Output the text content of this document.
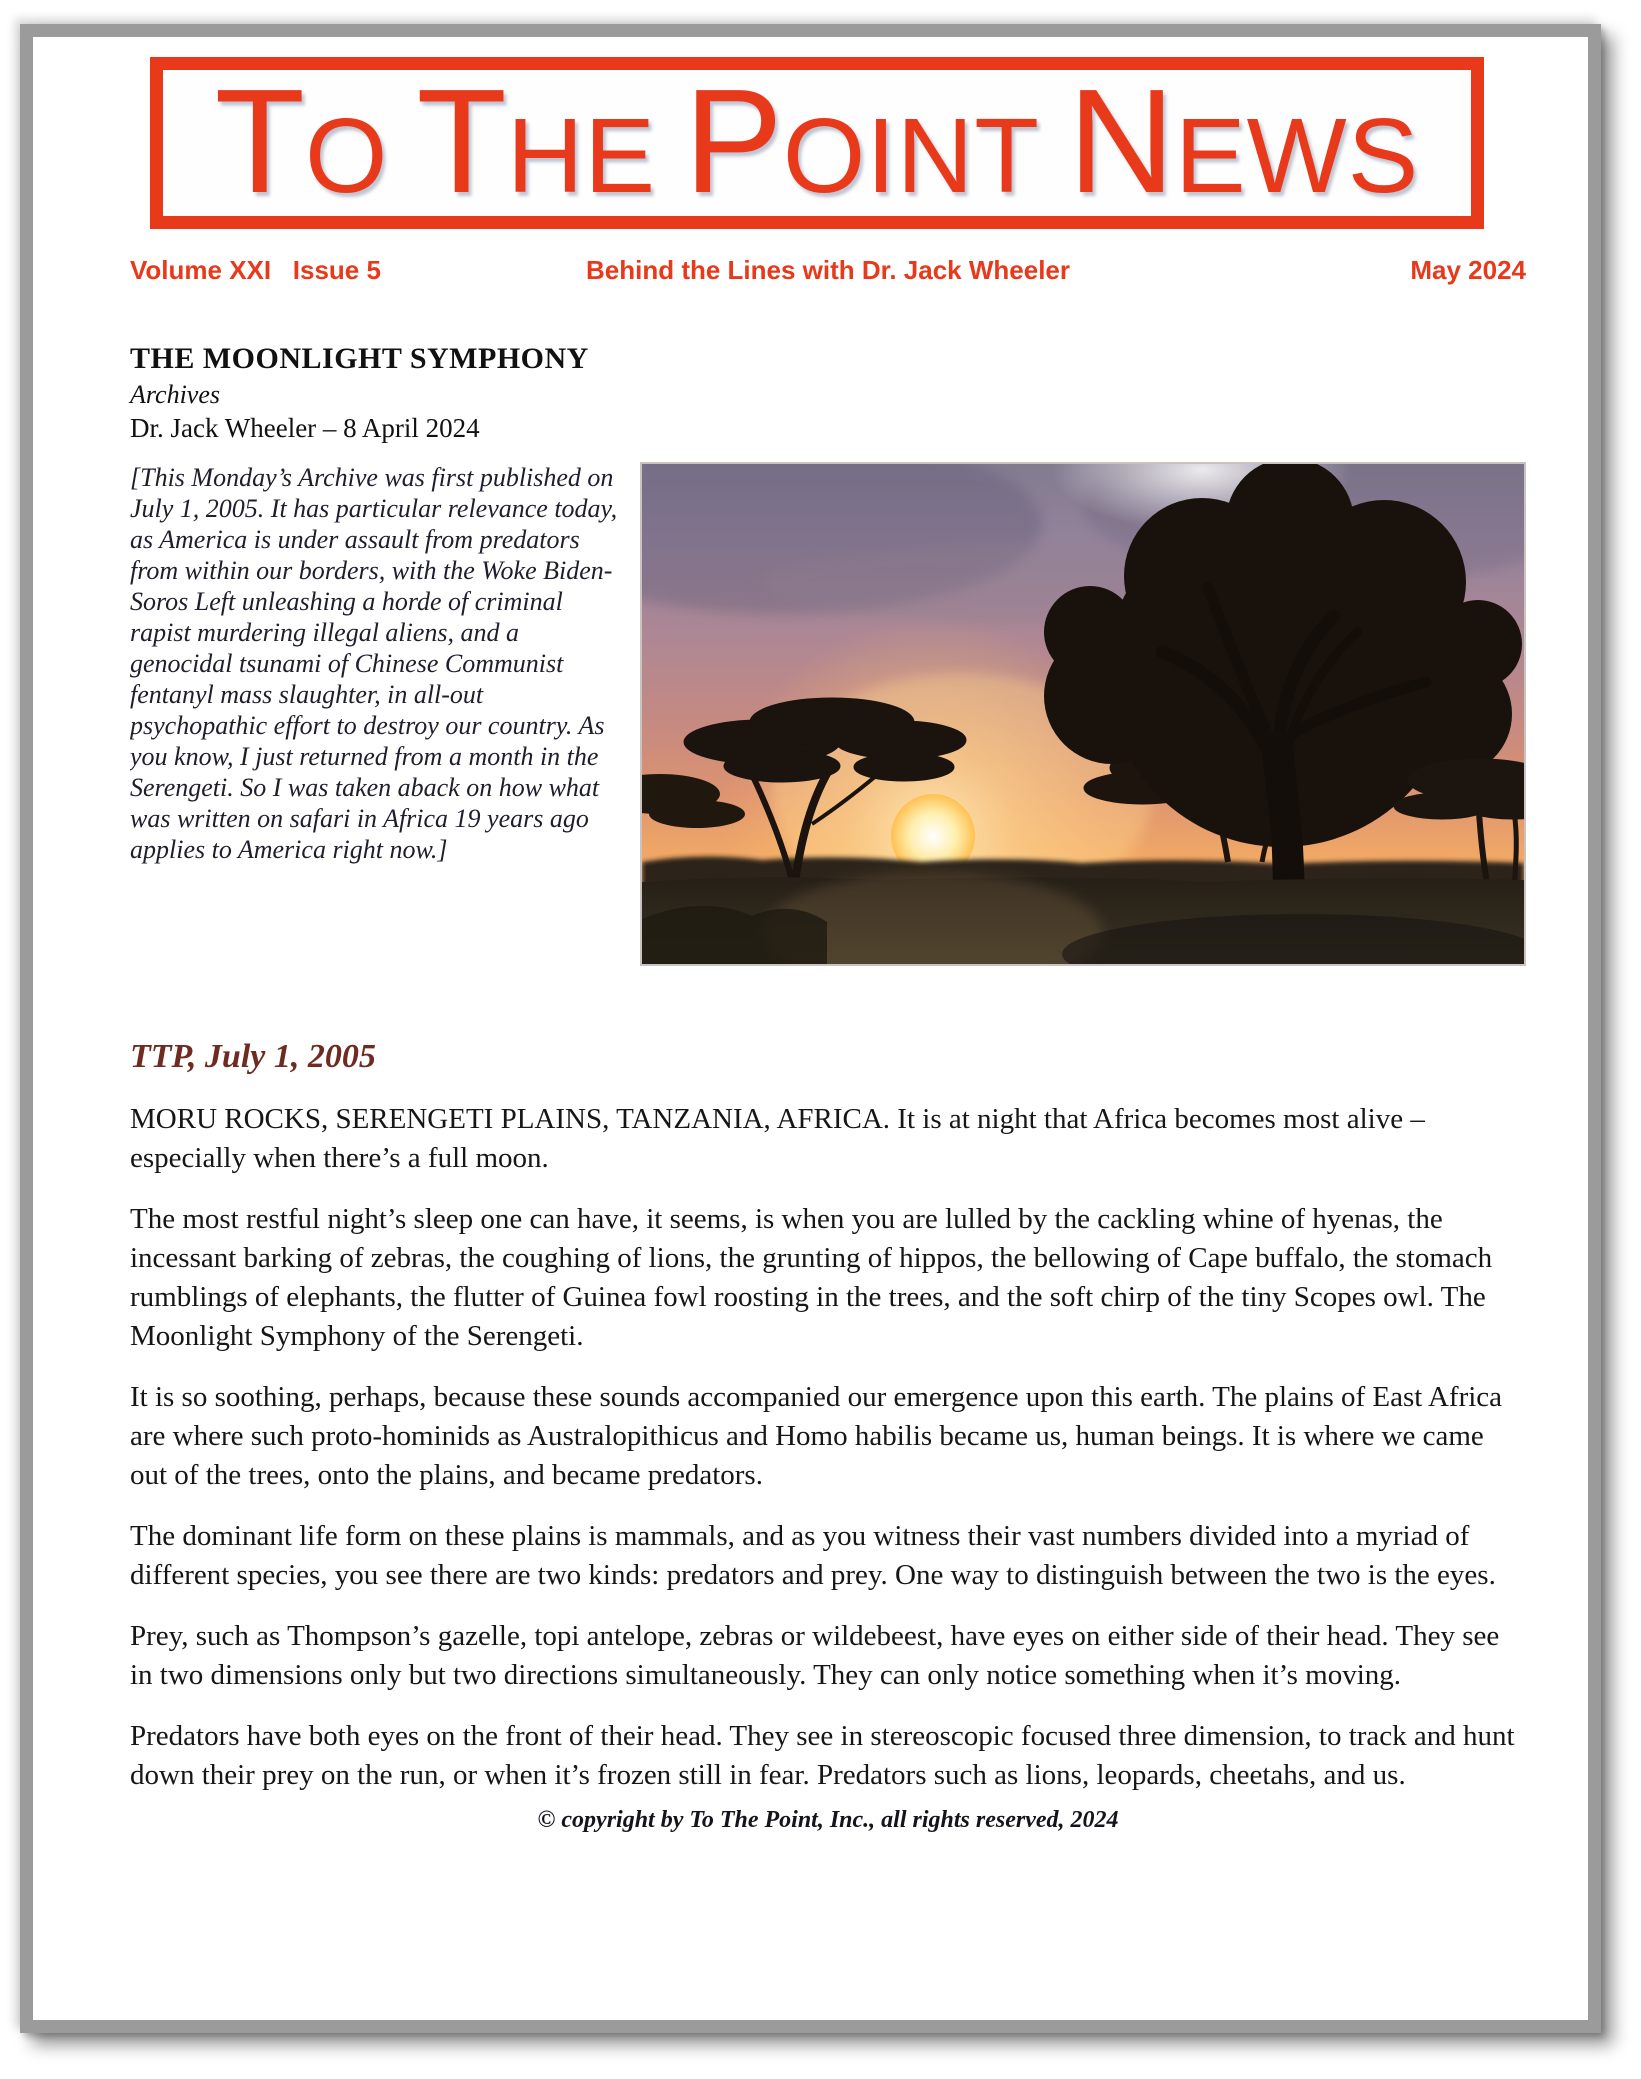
TO THE POINT NEWS
Volume XXI   Issue 5	Behind the Lines with Dr. Jack Wheeler	May 2024
THE MOONLIGHT SYMPHONY
Archives
Dr. Jack Wheeler – 8 April 2024
[This Monday’s Archive was first published on July 1, 2005. It has particular relevance today, as America is under assault from predators from within our borders, with the Woke Biden-Soros Left unleashing a horde of criminal rapist murdering illegal aliens, and a genocidal tsunami of Chinese Communist fentanyl mass slaughter, in all-out psychopathic effort to destroy our country. As you know, I just returned from a month in the Serengeti. So I was taken aback on how what was written on safari in Africa 19 years ago applies to America right now.]
TTP, July 1, 2005

MORU ROCKS, SERENGETI PLAINS, TANZANIA, AFRICA. It is at night that Africa becomes most alive – especially when there’s a full moon.

The most restful night’s sleep one can have, it seems, is when you are lulled by the cackling whine of hyenas, the incessant barking of zebras, the coughing of lions, the grunting of hippos, the bellowing of Cape buffalo, the stomach rumblings of elephants, the flutter of Guinea fowl roosting in the trees, and the soft chirp of the tiny Scopes owl. The Moonlight Symphony of the Serengeti.

It is so soothing, perhaps, because these sounds accompanied our emergence upon this earth. The plains of East Africa are where such proto-hominids as Australopithicus and Homo habilis became us, human beings. It is where we came out of the trees, onto the plains, and became predators.

The dominant life form on these plains is mammals, and as you witness their vast numbers divided into a myriad of different species, you see there are two kinds: predators and prey. One way to distinguish between the two is the eyes.

Prey, such as Thompson’s gazelle, topi antelope, zebras or wildebeest, have eyes on either side of their head. They see in two dimensions only but two directions simultaneously. They can only notice something when it’s moving.

Predators have both eyes on the front of their head. They see in stereoscopic focused three dimension, to track and hunt down their prey on the run, or when it’s frozen still in fear. Predators such as lions, leopards, cheetahs, and us.

© copyright by To The Point, Inc., all rights reserved, 2024
